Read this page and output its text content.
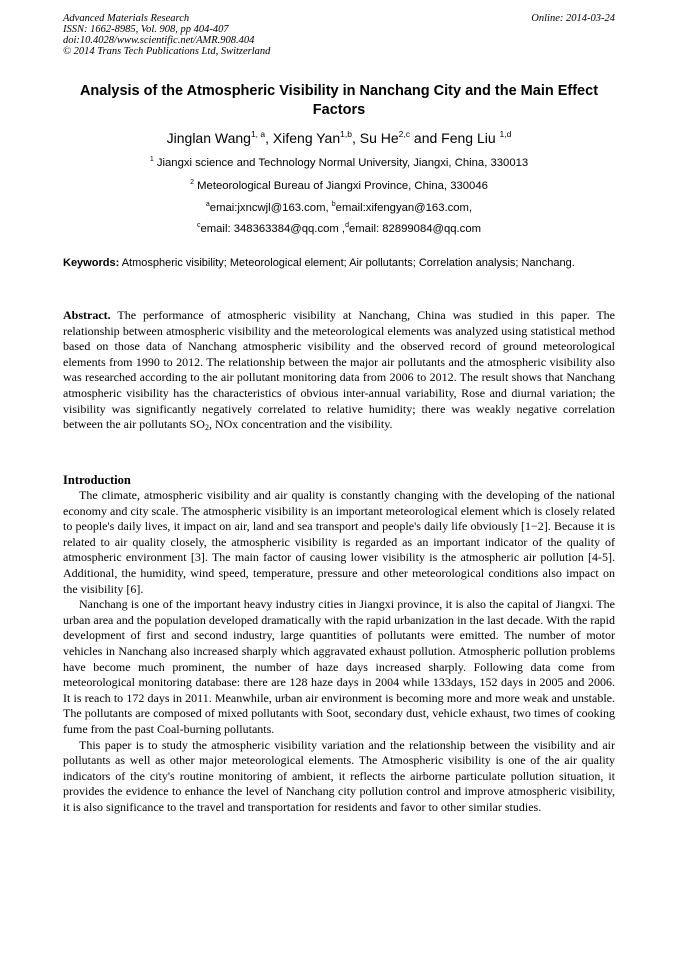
Advanced Materials Research
ISSN: 1662-8985, Vol. 908, pp 404-407
doi:10.4028/www.scientific.net/AMR.908.404
© 2014 Trans Tech Publications Ltd, Switzerland
Online: 2014-03-24
Analysis of the Atmospheric Visibility in Nanchang City and the Main Effect Factors
Jinglan Wang$^{1, a}$, Xifeng Yan$^{1,b}$, Su He$^{2,c}$ and Feng Liu $^{1,d}$
$^1$ Jiangxi science and Technology Normal University, Jiangxi, China, 330013
$^2$ Meteorological Bureau of Jiangxi Province, China, 330046
$^a$emai:jxncwjl@163.com, $^b$email:xifengyan@163.com,
$^c$email: 348363384@qq.com ,$^d$email: 82899084@qq.com
Keywords: Atmospheric visibility; Meteorological element; Air pollutants; Correlation analysis; Nanchang.
Abstract. The performance of atmospheric visibility at Nanchang, China was studied in this paper. The relationship between atmospheric visibility and the meteorological elements was analyzed using statistical method based on those data of Nanchang atmospheric visibility and the observed record of ground meteorological elements from 1990 to 2012. The relationship between the major air pollutants and the atmospheric visibility also was researched according to the air pollutant monitoring data from 2006 to 2012. The result shows that Nanchang atmospheric visibility has the characteristics of obvious inter-annual variability, Rose and diurnal variation; the visibility was significantly negatively correlated to relative humidity; there was weakly negative correlation between the air pollutants $SO_2$, NOx concentration and the visibility.
Introduction

The climate, atmospheric visibility and air quality is constantly changing with the developing of the national economy and city scale. The atmospheric visibility is an important meteorological element which is closely related to people's daily lives, it impact on air, land and sea transport and people's daily life obviously [1−2]. Because it is related to air quality closely, the atmospheric visibility is regarded as an important indicator of the quality of atmospheric environment [3]. The main factor of causing lower visibility is the atmospheric air pollution [4-5]. Additional, the humidity, wind speed, temperature, pressure and other meteorological conditions also impact on the visibility [6].

Nanchang is one of the important heavy industry cities in Jiangxi province, it is also the capital of Jiangxi. The urban area and the population developed dramatically with the rapid urbanization in the last decade. With the rapid development of first and second industry, large quantities of pollutants were emitted. The number of motor vehicles in Nanchang also increased sharply which aggravated exhaust pollution. Atmospheric pollution problems have become much prominent, the number of haze days increased sharply. Following data come from meteorological monitoring database: there are 128 haze days in 2004 while 133days, 152 days in 2005 and 2006. It is reach to 172 days in 2011. Meanwhile, urban air environment is becoming more and more weak and unstable. The pollutants are composed of mixed pollutants with Soot, secondary dust, vehicle exhaust, two times of cooking fume from the past Coal-burning pollutants.

This paper is to study the atmospheric visibility variation and the relationship between the visibility and air pollutants as well as other major meteorological elements. The Atmospheric visibility is one of the air quality indicators of the city's routine monitoring of ambient, it reflects the airborne particulate pollution situation, it provides the evidence to enhance the level of Nanchang city pollution control and improve atmospheric visibility, it is also significance to the travel and transportation for residents and favor to other similar studies.
